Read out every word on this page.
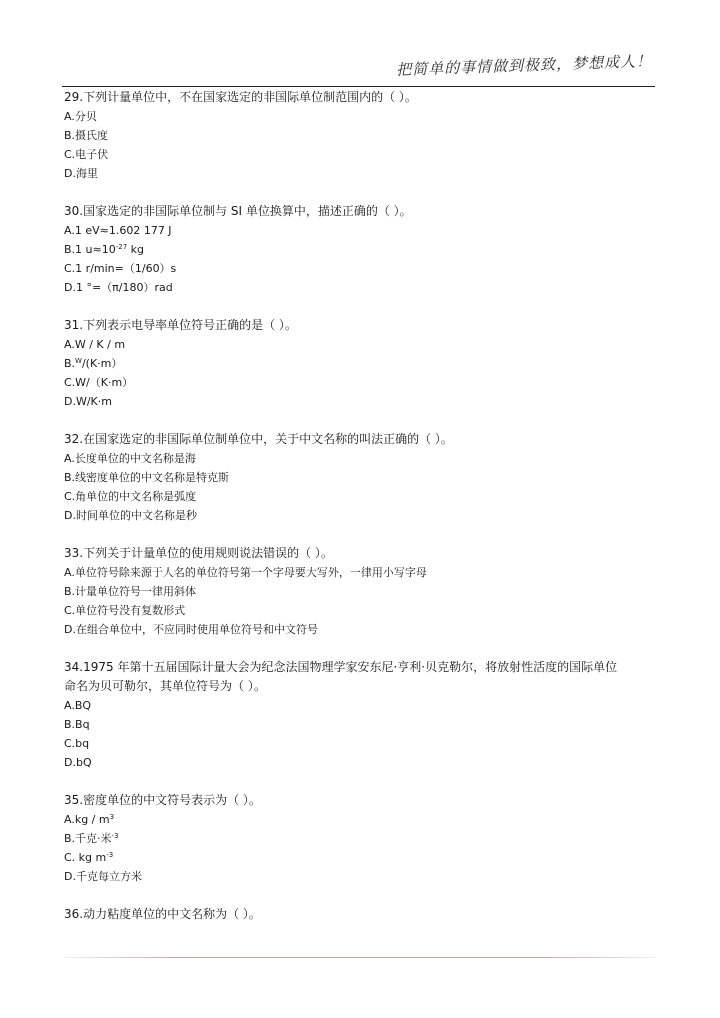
把简单的事情做到极致，梦想成人！

29.下列计量单位中，不在国家选定的非国际单位制范围内的（ ）。

A.分贝

B.摄氏度

C.电子伏

D.海里

30.国家选定的非国际单位制与 SI 单位换算中，描述正确的（ ）。

A.1 eV≈1.602 177 J

B.1 $u\approx 10^{-27}$ kg

C.1 r/min=（1/60）s

D.1 °=（π/180）rad

31.下列表示电导率单位符号正确的是（ ）。

A.W / K / m

B.$^W$/(K·m）

C.W/（K·m）

D.W/K·m

32.在国家选定的非国际单位制单位中，关于中文名称的叫法正确的（ ）。

A.长度单位的中文名称是海

B.线密度单位的中文名称是特克斯

C.角单位的中文名称是弧度

D.时间单位的中文名称是秒

33.下列关于计量单位的使用规则说法错误的（ ）。

A.单位符号除来源于人名的单位符号第一个字母要大写外，一律用小写字母

B.计量单位符号一律用斜体

C.单位符号没有复数形式

D.在组合单位中，不应同时使用单位符号和中文符号

34.1975 年第十五届国际计量大会为纪念法国物理学家安东尼·亨利·贝克勒尔，将放射性活度的国际单位

命名为贝可勒尔，其单位符号为（ ）。

A.BQ

B.Bq

C.bq

D.bQ

35.密度单位的中文符号表示为（ ）。

$A.kg / m^3$

B.千克·米$^{-3}$

C. kg $m^{-3}$

D.千克每立方米

36.动力粘度单位的中文名称为（ ）。
